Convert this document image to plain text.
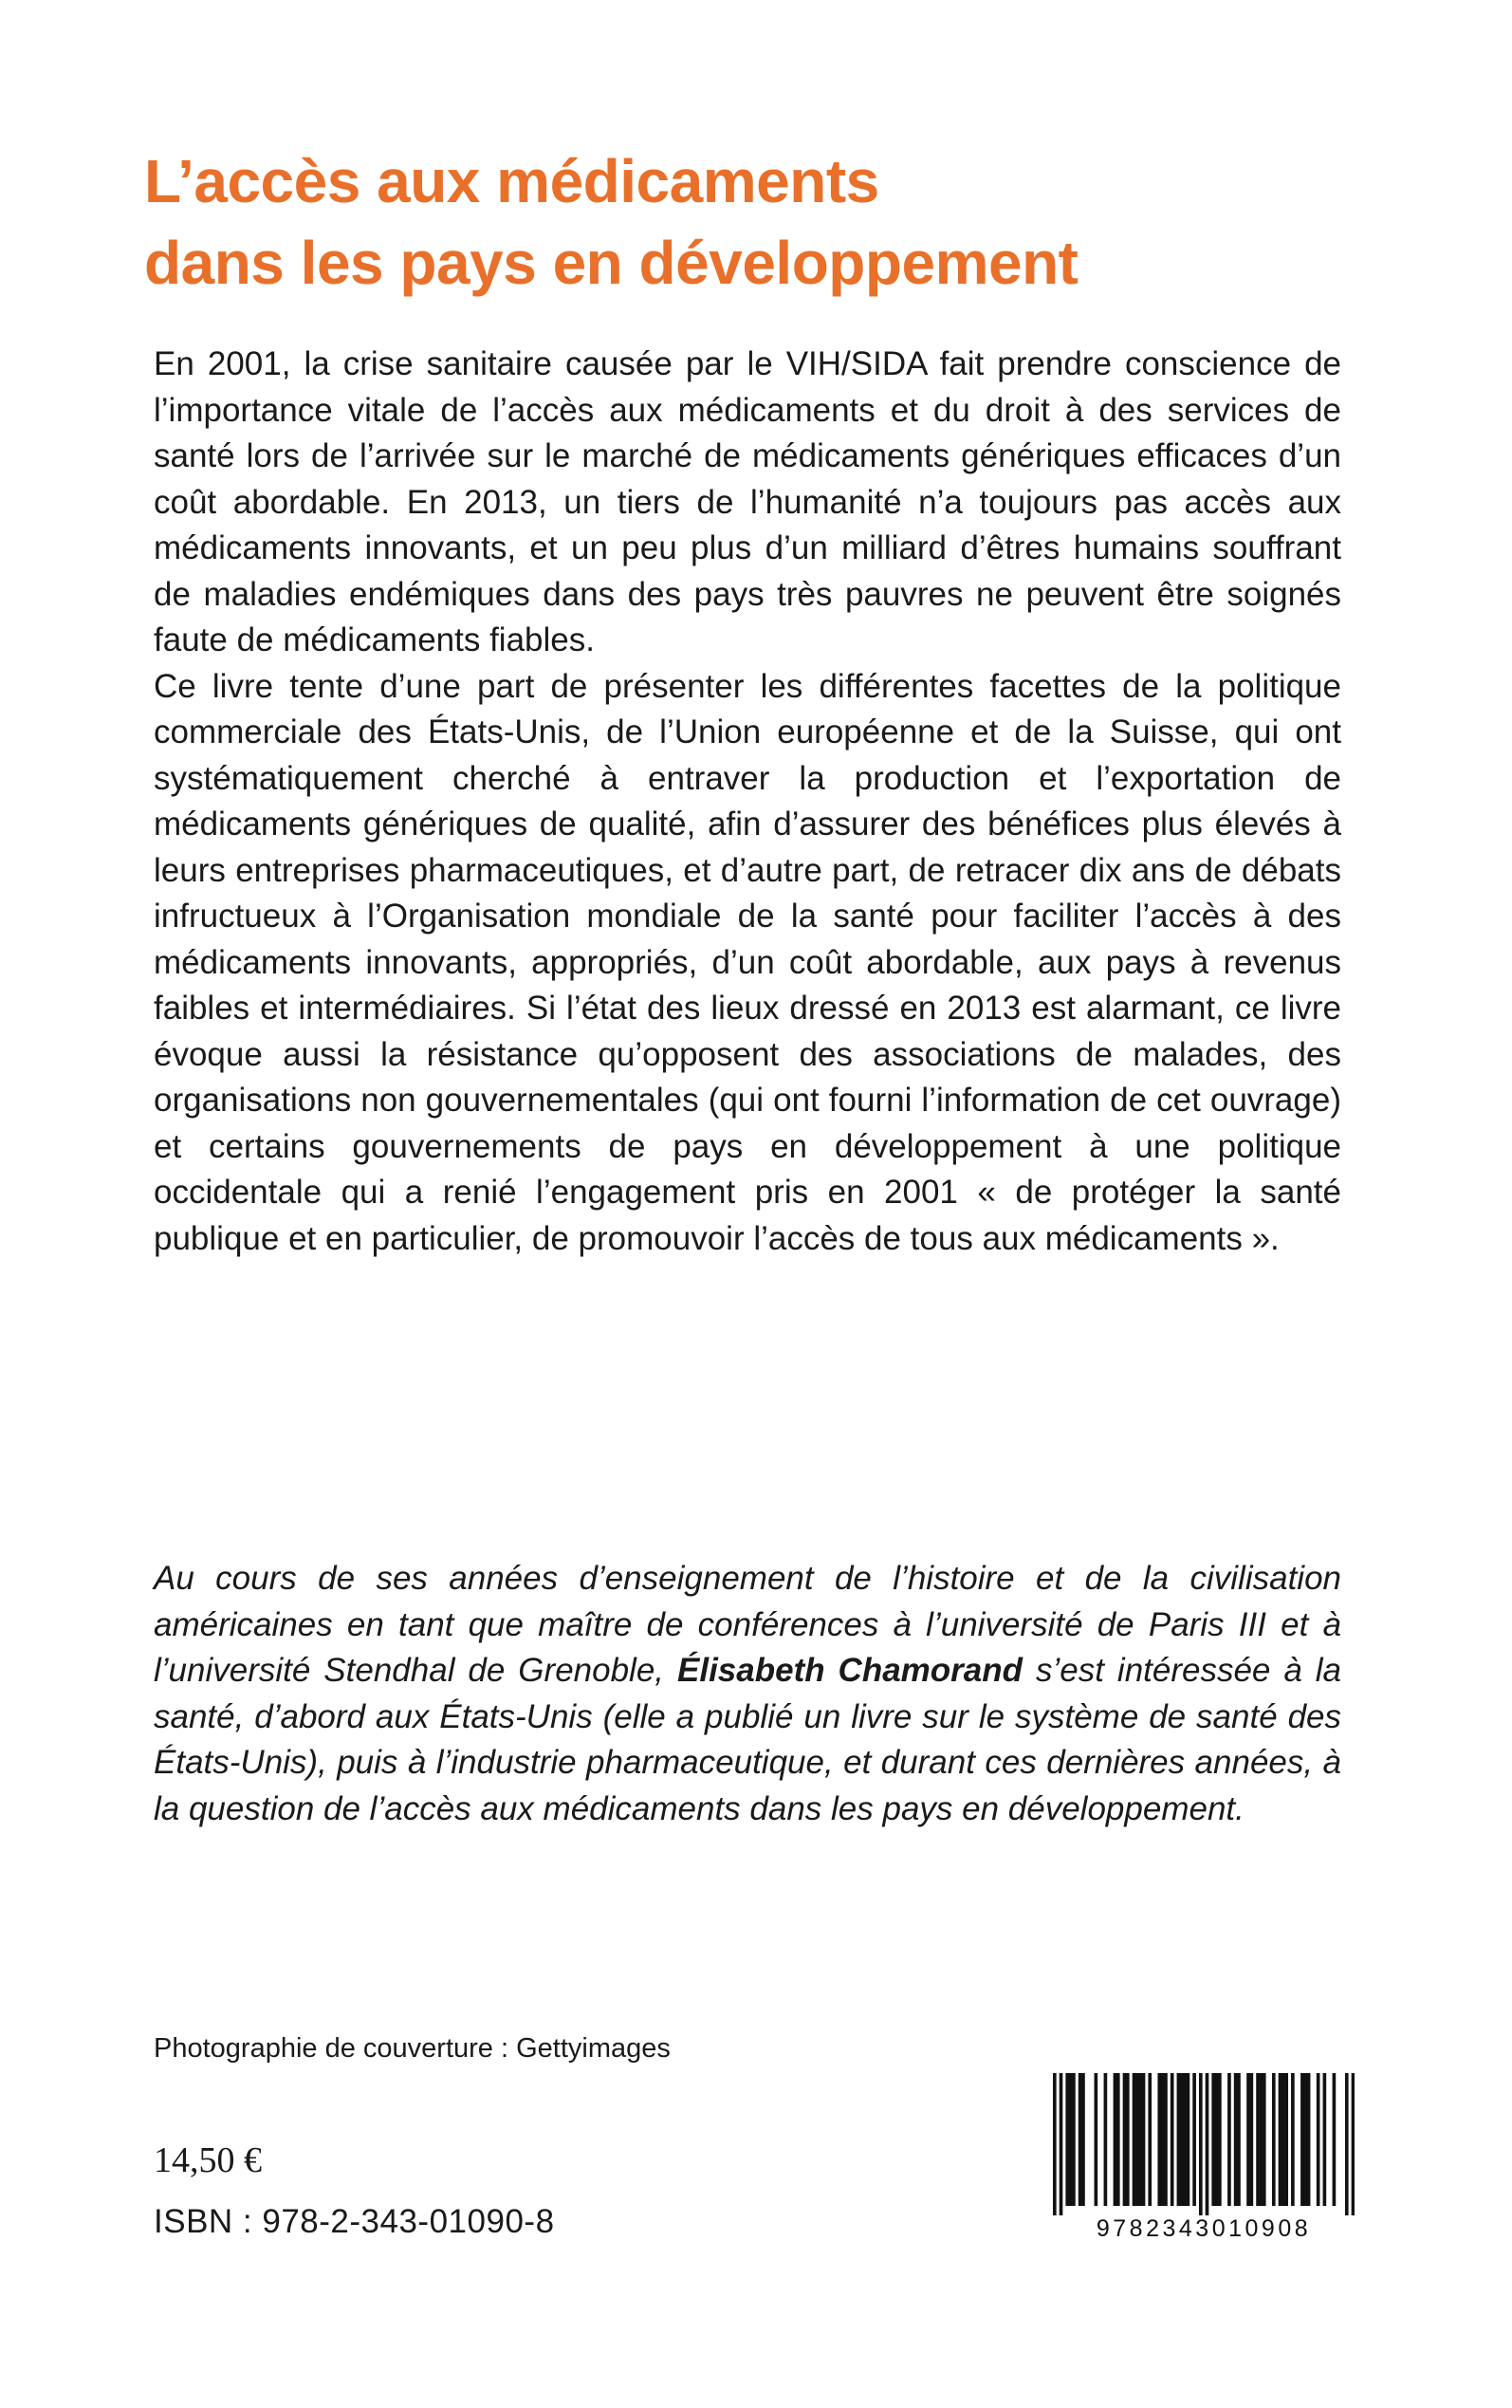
L’accès aux médicaments
dans les pays en développement

En 2001, la crise sanitaire causée par le VIH/SIDA fait prendre conscience de l’importance vitale de l’accès aux médicaments et du droit à des services de santé lors de l’arrivée sur le marché de médicaments génériques efficaces d’un coût abordable. En 2013, un tiers de l’humanité n’a toujours pas accès aux médicaments innovants, et un peu plus d’un milliard d’êtres humains souffrant de maladies endémiques dans des pays très pauvres ne peuvent être soignés faute de médicaments fiables.

Ce livre tente d’une part de présenter les différentes facettes de la politique commerciale des États-Unis, de l’Union européenne et de la Suisse, qui ont systématiquement cherché à entraver la production et l’exportation de médicaments génériques de qualité, afin d’assurer des bénéfices plus élevés à leurs entreprises pharmaceutiques, et d’autre part, de retracer dix ans de débats infructueux à l’Organisation mondiale de la santé pour faciliter l’accès à des médicaments innovants, appropriés, d’un coût abordable, aux pays à revenus faibles et intermédiaires. Si l’état des lieux dressé en 2013 est alarmant, ce livre évoque aussi la résistance qu’opposent des associations de malades, des organisations non gouvernementales (qui ont fourni l’information de cet ouvrage) et certains gouvernements de pays en développement à une politique occidentale qui a renié l’engagement pris en 2001 « de protéger la santé publique et en particulier, de promouvoir l’accès de tous aux médicaments ».

Au cours de ses années d’enseignement de l’histoire et de la civilisation américaines en tant que maître de conférences à l’université de Paris III et à l’université Stendhal de Grenoble, Élisabeth Chamorand s’est intéressée à la santé, d’abord aux États-Unis (elle a publié un livre sur le système de santé des États-Unis), puis à l’industrie pharmaceutique, et durant ces dernières années, à la question de l’accès aux médicaments dans les pays en développement.
Photographie de couverture : Gettyimages
14,50 €
ISBN : 978-2-343-01090-8	9782343010908
